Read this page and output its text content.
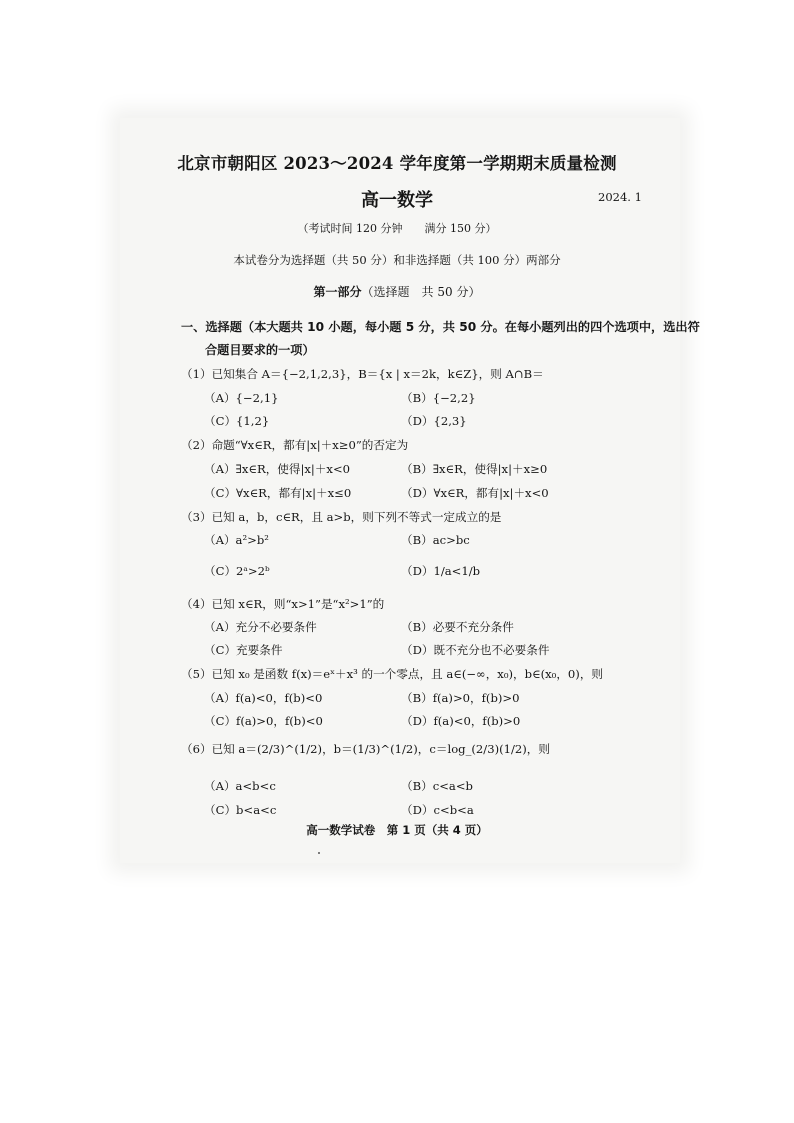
北京市朝阳区 2023～2024 学年度第一学期期末质量检测
高一数学	2024. 1
（考试时间 120 分钟　　满分 150 分）
本试卷分为选择题（共 50 分）和非选择题（共 100 分）两部分
第一部分（选择题　共 50 分）
一、选择题（本大题共 10 小题，每小题 5 分，共 50 分。在每小题列出的四个选项中，选出符
合题目要求的一项）
（1）已知集合 A＝{−2,1,2,3}，B＝{x | x＝2k，k∈Z}，则 A∩B＝
（A）{−2,1}	（B）{−2,2}
（C）{1,2}	（D）{2,3}
（2）命题“∀x∈R，都有|x|＋x≥0”的否定为
（A）∃x∈R，使得|x|＋x<0	（B）∃x∈R，使得|x|＋x≥0
（C）∀x∈R，都有|x|＋x≤0	（D）∀x∈R，都有|x|＋x<0
（3）已知 a，b，c∈R，且 a>b，则下列不等式一定成立的是
（A）a²>b²	（B）ac>bc
（C）2ᵃ>2ᵇ	（D）1/a<1/b
（4）已知 x∈R，则“x>1”是“x²>1”的
（A）充分不必要条件	（B）必要不充分条件
（C）充要条件	（D）既不充分也不必要条件
（5）已知 x₀ 是函数 f(x)＝eˣ＋x³ 的一个零点，且 a∈(−∞，x₀)，b∈(x₀，0)，则
（A）f(a)<0，f(b)<0	（B）f(a)>0，f(b)>0
（C）f(a)>0，f(b)<0	（D）f(a)<0，f(b)>0
（6）已知 a＝(2/3)^(1/2)，b＝(1/3)^(1/2)，c＝log_(2/3)(1/2)，则
（A）a<b<c	（B）c<a<b
（C）b<a<c	（D）c<b<a
高一数学试卷　第 1 页（共 4 页）
